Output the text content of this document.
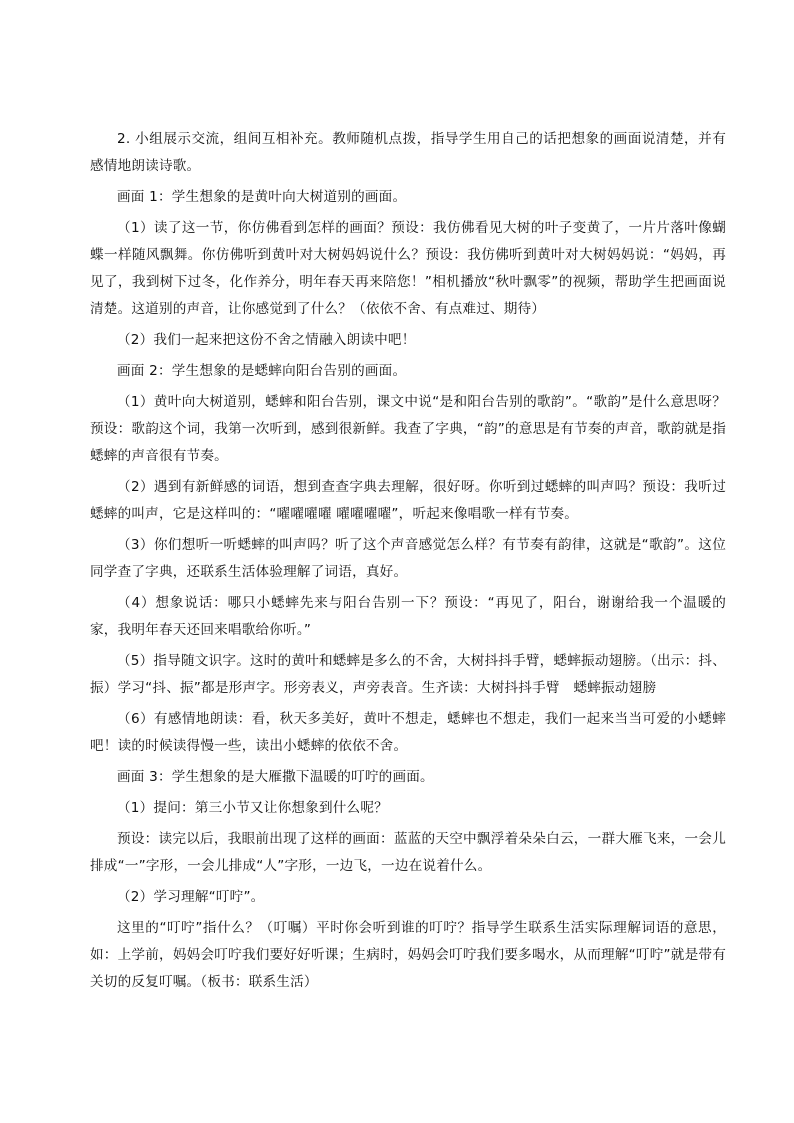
2. 小组展示交流，组间互相补充。教师随机点拨，指导学生用自己的话把想象的画面说清楚，并有感情地朗读诗歌。

画面 1：学生想象的是黄叶向大树道别的画面。

（1）读了这一节，你仿佛看到怎样的画面？预设：我仿佛看见大树的叶子变黄了，一片片落叶像蝴蝶一样随风飘舞。你仿佛听到黄叶对大树妈妈说什么？预设：我仿佛听到黄叶对大树妈妈说：“妈妈，再见了，我到树下过冬，化作养分，明年春天再来陪您！”相机播放“秋叶飘零”的视频，帮助学生把画面说清楚。这道别的声音，让你感觉到了什么？（依依不舍、有点难过、期待）

（2）我们一起来把这份不舍之情融入朗读中吧！

画面 2：学生想象的是蟋蟀向阳台告别的画面。

（1）黄叶向大树道别，蟋蟀和阳台告别，课文中说“是和阳台告别的歌韵”。“歌韵”是什么意思呀？预设：歌韵这个词，我第一次听到，感到很新鲜。我查了字典，“韵”的意思是有节奏的声音，歌韵就是指蟋蟀的声音很有节奏。

（2）遇到有新鲜感的词语，想到查查字典去理解，很好呀。你听到过蟋蟀的叫声吗？预设：我听过蟋蟀的叫声，它是这样叫的：“嚁嚁嚁嚁 嚁嚁嚁嚁”，听起来像唱歌一样有节奏。

（3）你们想听一听蟋蟀的叫声吗？听了这个声音感觉怎么样？有节奏有韵律，这就是“歌韵”。这位同学查了字典，还联系生活体验理解了词语，真好。

（4）想象说话：哪只小蟋蟀先来与阳台告别一下？预设：“再见了，阳台，谢谢给我一个温暖的家，我明年春天还回来唱歌给你听。”

（5）指导随文识字。这时的黄叶和蟋蟀是多么的不舍，大树抖抖手臂，蟋蟀振动翅膀。（出示：抖、振）学习“抖、振”都是形声字。形旁表义，声旁表音。生齐读：大树抖抖手臂　蟋蟀振动翅膀

（6）有感情地朗读：看，秋天多美好，黄叶不想走，蟋蟀也不想走，我们一起来当当可爱的小蟋蟀吧！读的时候读得慢一些，读出小蟋蟀的依依不舍。

画面 3：学生想象的是大雁撒下温暖的叮咛的画面。

（1）提问：第三小节又让你想象到什么呢？

预设：读完以后，我眼前出现了这样的画面：蓝蓝的天空中飘浮着朵朵白云，一群大雁飞来，一会儿排成“一”字形，一会儿排成“人”字形，一边飞，一边在说着什么。

（2）学习理解“叮咛”。

这里的“叮咛”指什么？（叮嘱）平时你会听到谁的叮咛？指导学生联系生活实际理解词语的意思，如：上学前，妈妈会叮咛我们要好好听课；生病时，妈妈会叮咛我们要多喝水，从而理解“叮咛”就是带有关切的反复叮嘱。（板书：联系生活）
